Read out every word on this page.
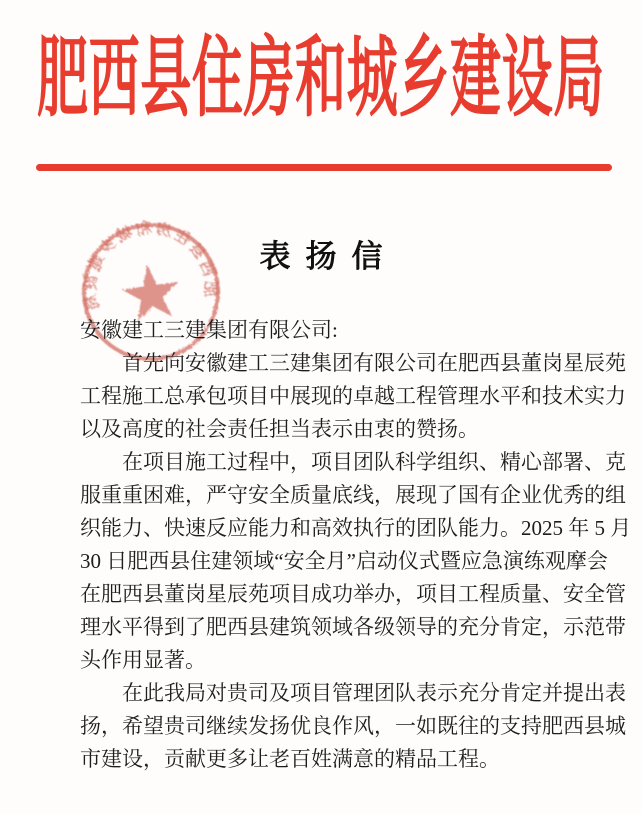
肥西县住房和城乡建设局
肥西县住房和城乡建设局
表扬信
安徽建工三建集团有限公司:
首先向安徽建工三建集团有限公司在肥西县董岗星辰苑
工程施工总承包项目中展现的卓越工程管理水平和技术实力
以及高度的社会责任担当表示由衷的赞扬。
在项目施工过程中，项目团队科学组织、精心部署、克
服重重困难，严守安全质量底线，展现了国有企业优秀的组
织能力、快速反应能力和高效执行的团队能力。2025 年 5 月
30 日肥西县住建领域“安全月”启动仪式暨应急演练观摩会
在肥西县董岗星辰苑项目成功举办，项目工程质量、安全管
理水平得到了肥西县建筑领域各级领导的充分肯定，示范带
头作用显著。
在此我局对贵司及项目管理团队表示充分肯定并提出表
扬，希望贵司继续发扬优良作风，一如既往的支持肥西县城
市建设，贡献更多让老百姓满意的精品工程。
